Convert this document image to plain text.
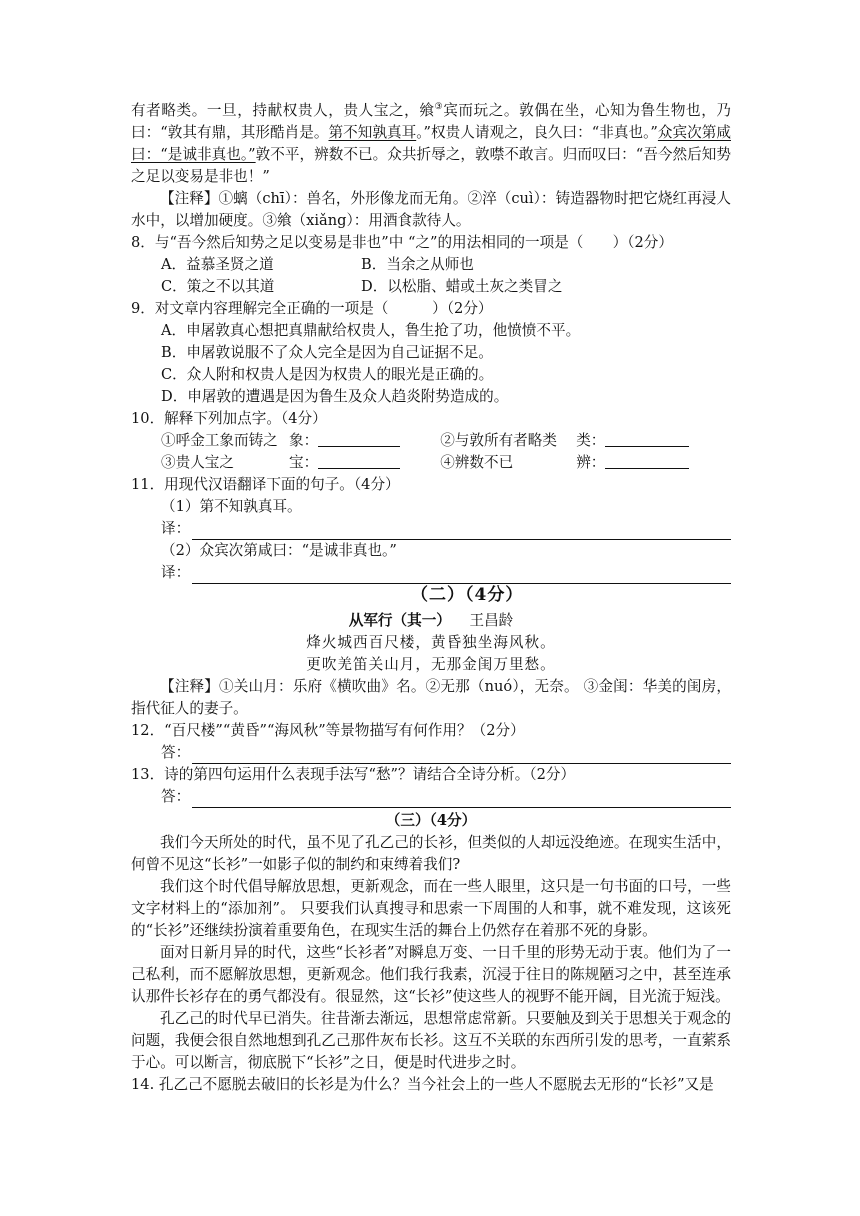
有者略类。一旦，持献权贵人，贵人宝之，飨③宾而玩之。敦偶在坐，心知为鲁生物也，乃曰：“敦其有鼎，其形酷肖是。第不知孰真耳。”权贵人请观之，良久曰：“非真也。”众宾次第咸曰：“是诚非真也。”敦不平，辨数不已。众共折辱之，敦噤不敢言。归而叹曰：“吾今然后知势之足以变易是非也！”

【注释】①螭（chī）：兽名，外形像龙而无角。②淬（cuì）：铸造器物时把它烧红再浸人水中，以增加硬度。③飨（xiǎng）：用酒食款待人。

8．与“吾今然后知势之足以变易是非也”中 “之”的用法相同的一项是（　　）（2分）

A．益慕圣贤之道	B．当余之从师也
C．策之不以其道	D．以松脂、蜡或土灰之类冒之

9．对文章内容理解完全正确的一项是（　　　）（2分）

A．申屠敦真心想把真鼎献给权贵人，鲁生抢了功，他愤愤不平。

B．申屠敦说服不了众人完全是因为自己证据不足。

C．众人附和权贵人是因为权贵人的眼光是正确的。

D．申屠敦的遭遇是因为鲁生及众人趋炎附势造成的。

10．解释下列加点字。（4分）

①呼金工象而铸之 象：	②与敦所有者略类	类：
③贵人宝之	宝：	④辨数不已	辨：

11．用现代汉语翻译下面的句子。（4分）

（1）第不知孰真耳。

译：

（2）众宾次第咸曰：“是诚非真也。”

译：

（二）（4分）

从军行（其一） 王昌龄

烽火城西百尺楼，黄昏独坐海风秋。

更吹羌笛关山月，无那金闺万里愁。

【注释】①关山月：乐府《横吹曲》名。②无那（nuó），无奈。 ③金闺：华美的闺房，指代征人的妻子。

12．“百尺楼”“黄昏”“海风秋”等景物描写有何作用？（2分）

答：

13．诗的第四句运用什么表现手法写“愁”？请结合全诗分析。（2分）

答：

（三）（4分）

我们今天所处的时代，虽不见了孔乙己的长衫，但类似的人却远没绝迹。在现实生活中，何曾不见这“长衫”一如影子似的制约和束缚着我们?

我们这个时代倡导解放思想，更新观念，而在一些人眼里，这只是一句书面的口号，一些文字材料上的“添加剂”。 只要我们认真搜寻和思索一下周围的人和事，就不难发现，这该死的“长衫”还继续扮演着重要角色，在现实生活的舞台上仍然存在着那不死的身影。

面对日新月异的时代，这些“长衫者”对瞬息万变、一日千里的形势无动于衷。他们为了一己私利，而不愿解放思想，更新观念。他们我行我素，沉浸于往日的陈规陋习之中，甚至连承认那件长衫存在的勇气都没有。很显然，这“长衫”使这些人的视野不能开阔，目光流于短浅。

孔乙己的时代早已消失。往昔渐去渐远，思想常虑常新。只要触及到关于思想关于观念的问题，我便会很自然地想到孔乙己那件灰布长衫。这互不关联的东西所引发的思考，一直萦系于心。可以断言，彻底脱下“长衫”之日，便是时代进步之时。

14. 孔乙己不愿脱去破旧的长衫是为什么？当今社会上的一些人不愿脱去无形的“长衫”又是
